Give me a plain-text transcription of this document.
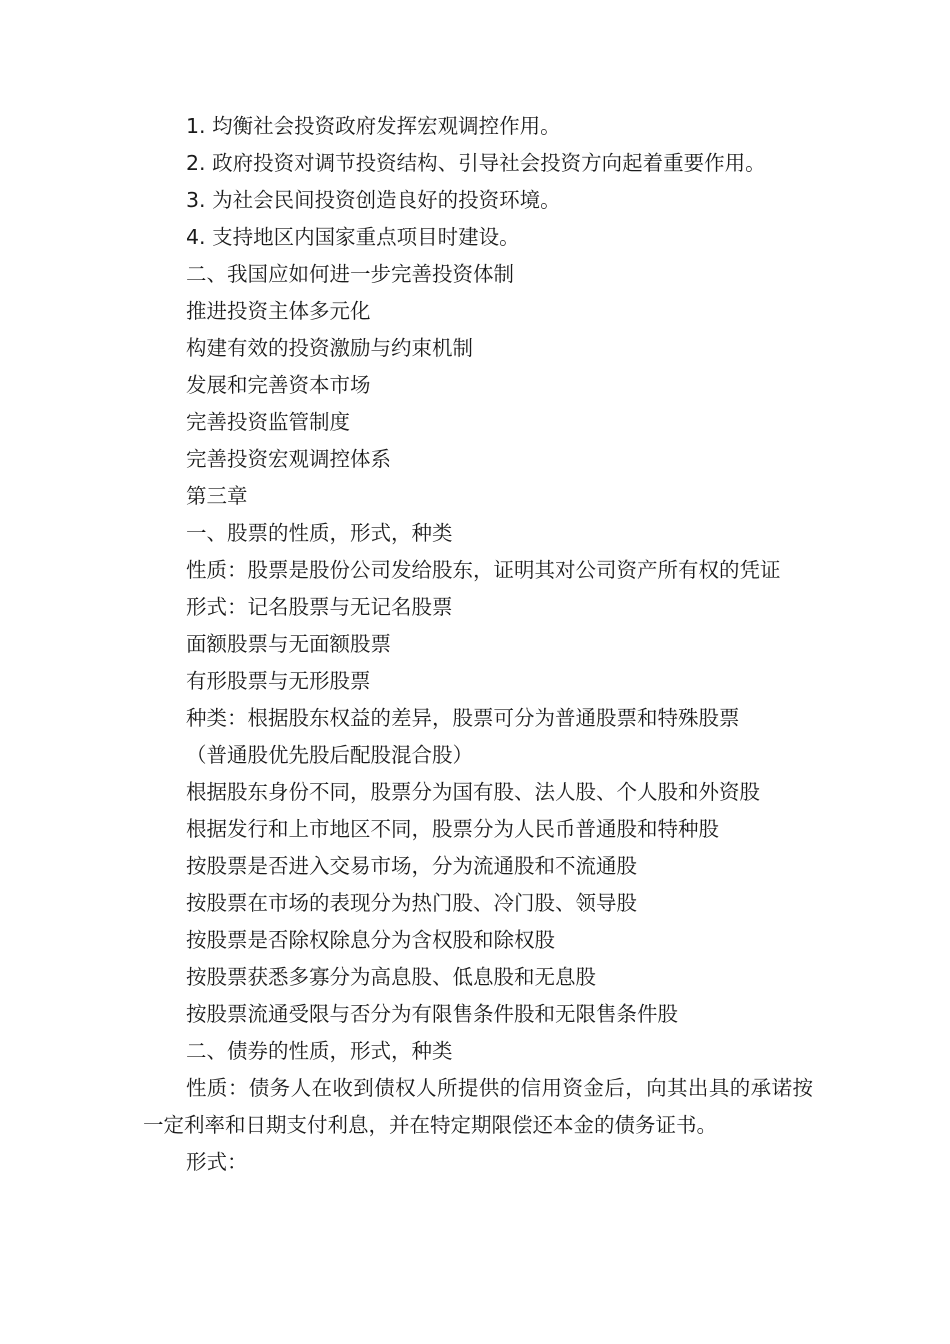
1. 均衡社会投资政府发挥宏观调控作用。
2. 政府投资对调节投资结构、引导社会投资方向起着重要作用。
3. 为社会民间投资创造良好的投资环境。
4. 支持地区内国家重点项目时建设。
二、我国应如何进一步完善投资体制
推进投资主体多元化
构建有效的投资激励与约束机制
发展和完善资本市场
完善投资监管制度
完善投资宏观调控体系
第三章
一、股票的性质，形式，种类

性质：股票是股份公司发给股东，证明其对公司资产所有权的凭证

形式：记名股票与无记名股票
面额股票与无面额股票
有形股票与无形股票
种类：根据股东权益的差异，股票可分为普通股票和特殊股票
（普通股优先股后配股混合股）
根据股东身份不同，股票分为国有股、法人股、个人股和外资股
根据发行和上市地区不同，股票分为人民币普通股和特种股
按股票是否进入交易市场，分为流通股和不流通股
按股票在市场的表现分为热门股、冷门股、领导股
按股票是否除权除息分为含权股和除权股
按股票获悉多寡分为高息股、低息股和无息股
按股票流通受限与否分为有限售条件股和无限售条件股
二、债券的性质，形式，种类

性质：债务人在收到债权人所提供的信用资金后，向其出具的承诺按一定利率和日期支付利息，并在特定期限偿还本金的债务证书。

形式：
